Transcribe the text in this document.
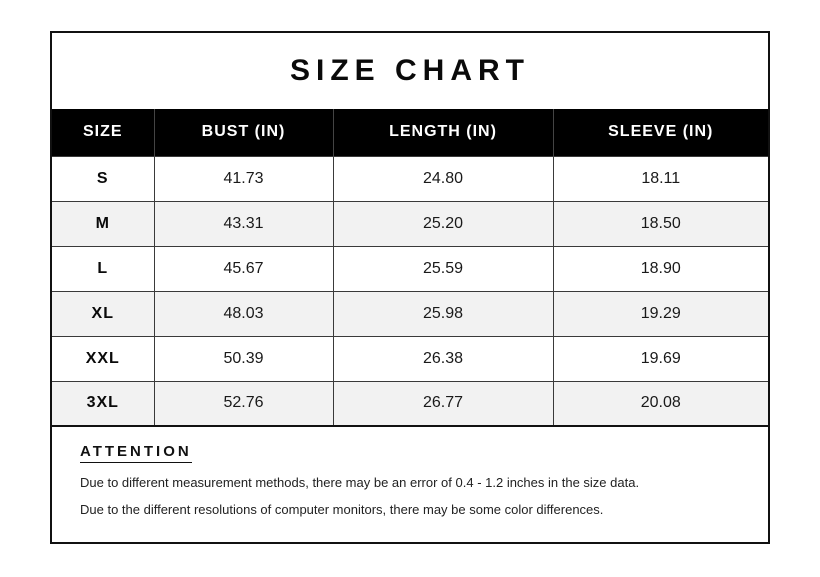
SIZE CHART
SIZE	BUST (IN)	LENGTH (IN)	SLEEVE (IN)
S	41.73	24.80	18.11
M	43.31	25.20	18.50
L	45.67	25.59	18.90
XL	48.03	25.98	19.29
XXL	50.39	26.38	19.69
3XL	52.76	26.77	20.08
ATTENTION

Due to different measurement methods, there may be an error of 0.4 - 1.2 inches in the size data.

Due to the different resolutions of computer monitors, there may be some color differences.
